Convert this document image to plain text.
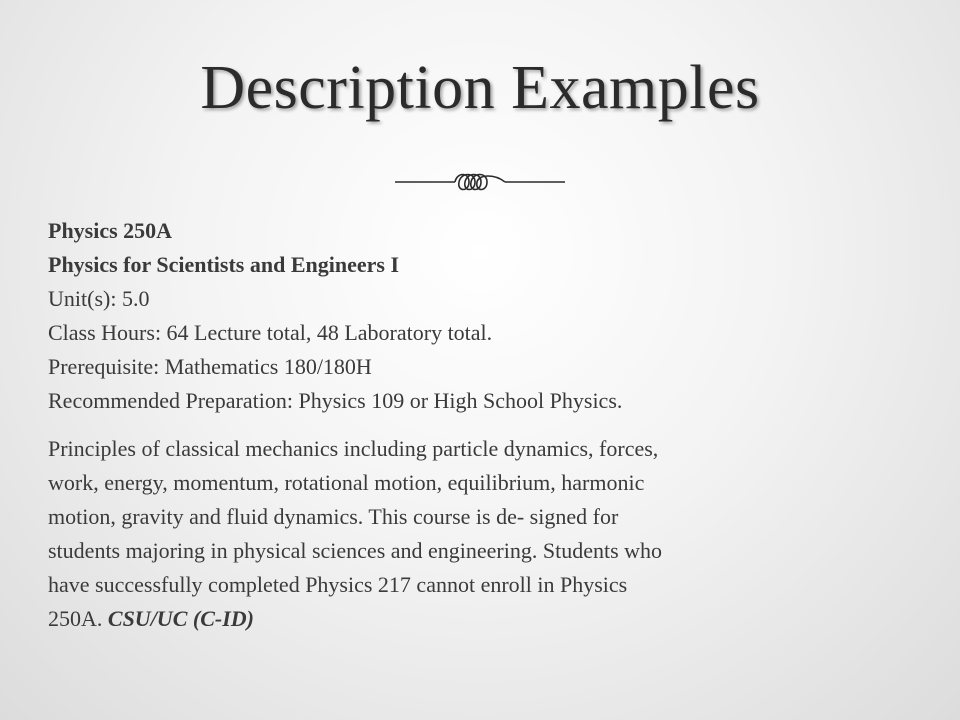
Description Examples
Physics 250A
Physics for Scientists and Engineers I
Unit(s): 5.0
Class Hours: 64 Lecture total, 48 Laboratory total.
Prerequisite: Mathematics 180/180H
Recommended Preparation: Physics 109 or High School Physics.
Principles of classical mechanics including particle dynamics, forces,
work, energy, momentum, rotational motion, equilibrium, harmonic
motion, gravity and fluid dynamics. This course is de- signed for
students majoring in physical sciences and engineering. Students who
have successfully completed Physics 217 cannot enroll in Physics
250A. CSU/UC (C-ID)
